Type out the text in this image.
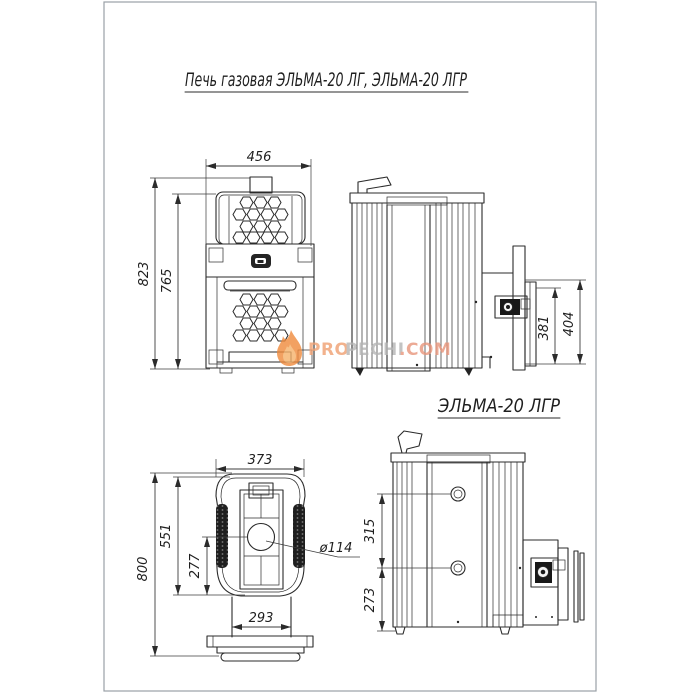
Печь газовая ЭЛЬМА-20 ЛГ, ЭЛЬМА-20 ЛГР
456
823 765
381 404
ЭЛЬМА-20 ЛГР
373
800
551
277
293
ø114
315
273
PRO
PECHI
.COM
